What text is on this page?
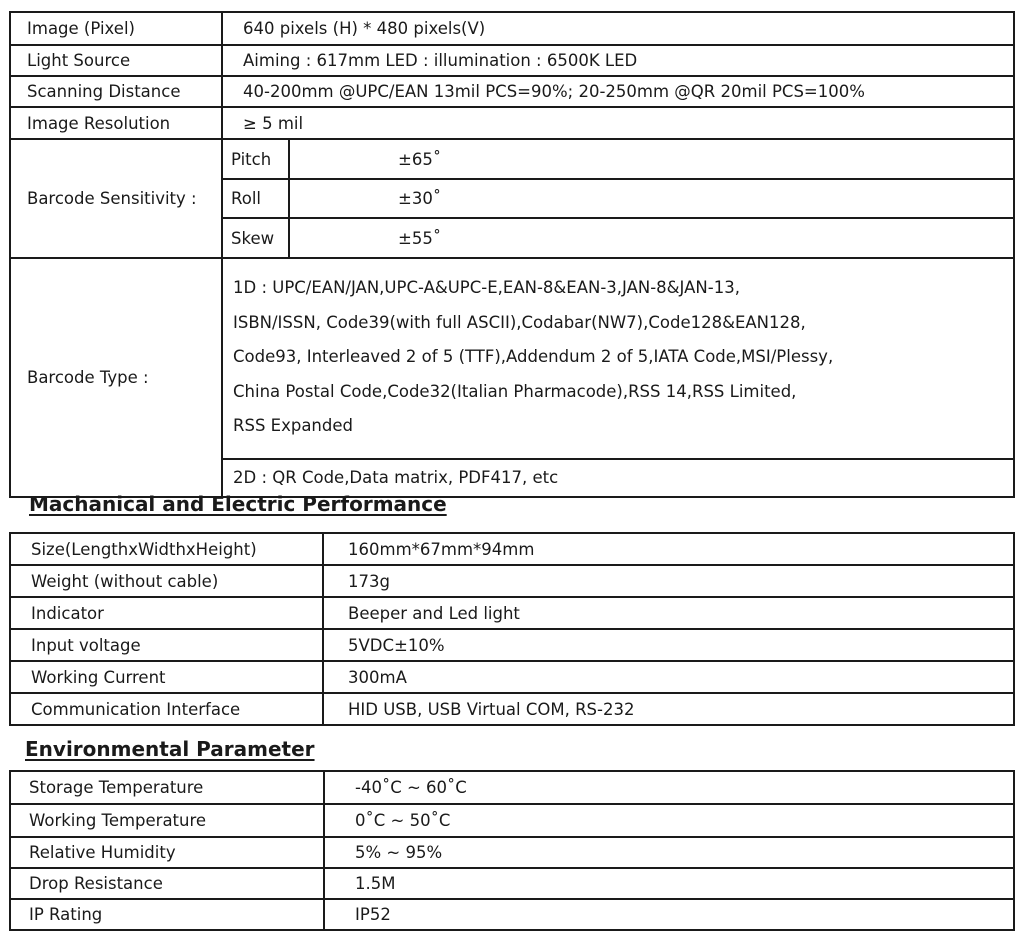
Image (Pixel)	640 pixels (H) * 480 pixels(V)	
Light Source	Aiming : 617mm LED : illumination : 6500K LED	
Scanning Distance	40-200mm @UPC/EAN 13mil PCS=90%; 20-250mm @QR 20mil PCS=100%	
Image Resolution	≥ 5 mil	
Barcode Sensitivity :	Pitch	±65˚
	Roll	±30˚
	Skew	±55˚
Barcode Type :	1D : UPC/EAN/JAN,UPC-A&UPC-E,EAN-8&EAN-3,JAN-8&JAN-13,
ISBN/ISSN, Code39(with full ASCII),Codabar(NW7),Code128&EAN128,
Code93, Interleaved 2 of 5 (TTF),Addendum 2 of 5,IATA Code,MSI/Plessy,
China Postal Code,Code32(Italian Pharmacode),RSS 14,RSS Limited,
RSS Expanded	

	2D : QR Code,Data matrix, PDF417, etc	
Machanical and Electric Performance
Size(LengthxWidthxHeight)	160mm*67mm*94mm
Weight (without cable)	173g
Indicator	Beeper and Led light
Input voltage	5VDC±10%
Working Current	300mA
Communication Interface	HID USB, USB Virtual COM, RS-232
Environmental Parameter
Storage Temperature	-40˚C ~ 60˚C
Working Temperature	0˚C ~ 50˚C
Relative Humidity	5% ~ 95%
Drop Resistance	1.5M
IP Rating	IP52
